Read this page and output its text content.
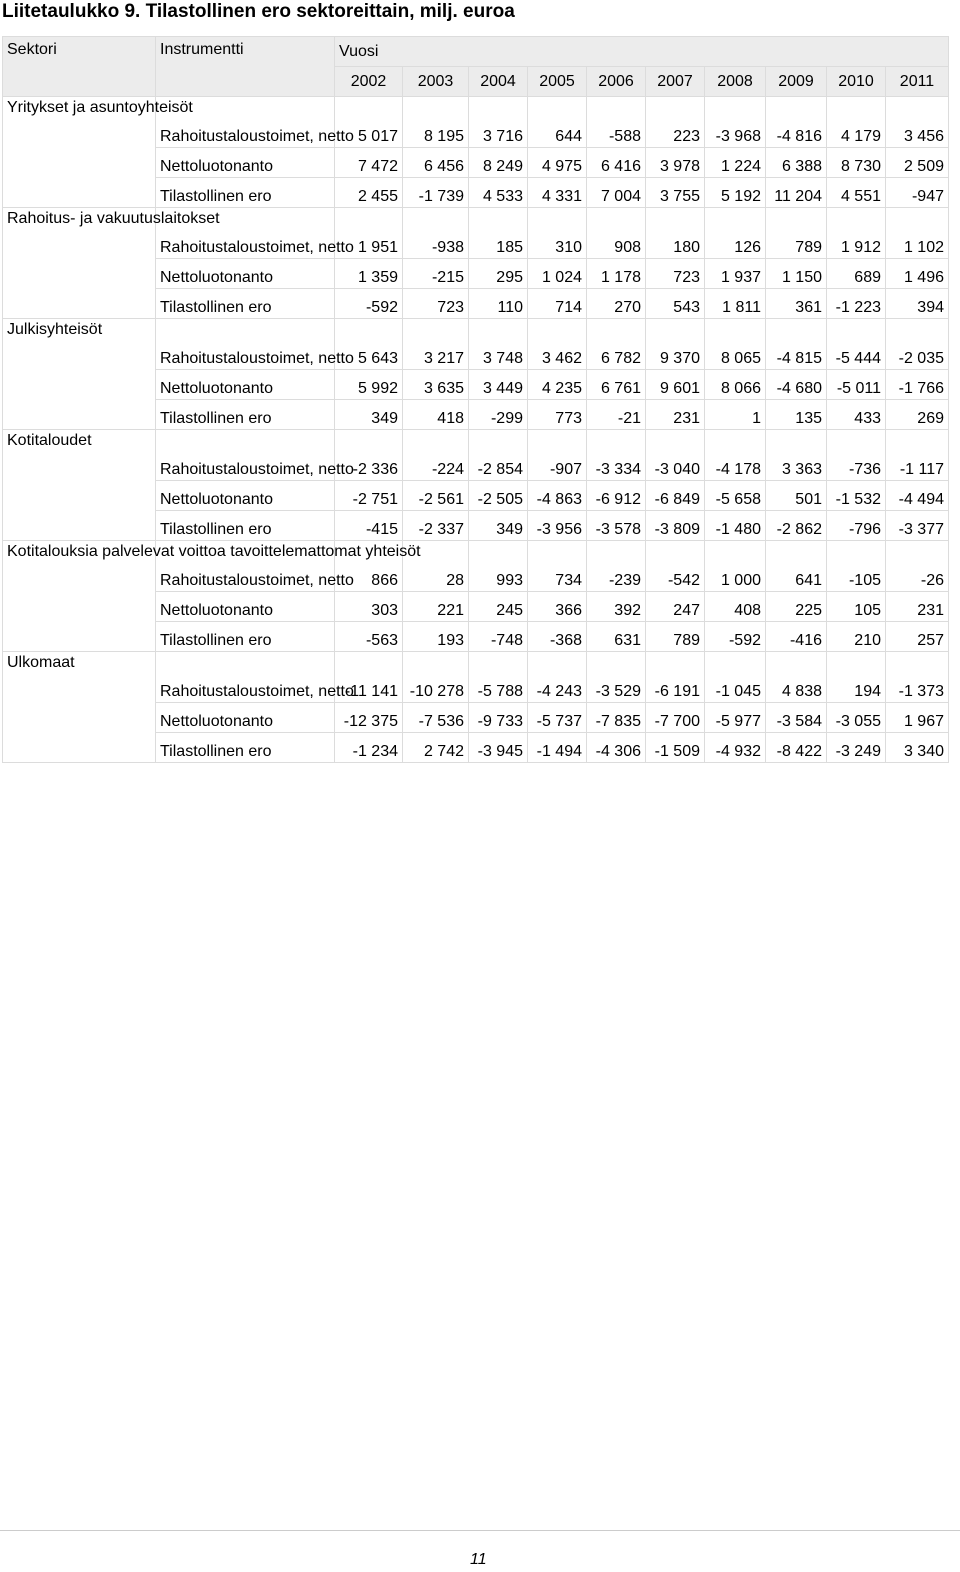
Liitetaulukko 9. Tilastollinen ero sektoreittain, milj. euroa
Sektori	Instrumentti	Vuosi									
		2002	2003	2004	2005	2006	2007	2008	2009	2010	2011
Yritykset ja asuntoyhteisöt	Rahoitustaloustoimet, netto	5 017	8 195	3 716	644	-588	223	-3 968	-4 816	4 179	3 456
	Nettoluotonanto	7 472	6 456	8 249	4 975	6 416	3 978	1 224	6 388	8 730	2 509
	Tilastollinen ero	2 455	-1 739	4 533	4 331	7 004	3 755	5 192	11 204	4 551	-947
Rahoitus- ja vakuutuslaitokset	Rahoitustaloustoimet, netto	1 951	-938	185	310	908	180	126	789	1 912	1 102
	Nettoluotonanto	1 359	-215	295	1 024	1 178	723	1 937	1 150	689	1 496
	Tilastollinen ero	-592	723	110	714	270	543	1 811	361	-1 223	394
Julkisyhteisöt	Rahoitustaloustoimet, netto	5 643	3 217	3 748	3 462	6 782	9 370	8 065	-4 815	-5 444	-2 035
	Nettoluotonanto	5 992	3 635	3 449	4 235	6 761	9 601	8 066	-4 680	-5 011	-1 766
	Tilastollinen ero	349	418	-299	773	-21	231	1	135	433	269
Kotitaloudet	Rahoitustaloustoimet, netto	-2 336	-224	-2 854	-907	-3 334	-3 040	-4 178	3 363	-736	-1 117
	Nettoluotonanto	-2 751	-2 561	-2 505	-4 863	-6 912	-6 849	-5 658	501	-1 532	-4 494
	Tilastollinen ero	-415	-2 337	349	-3 956	-3 578	-3 809	-1 480	-2 862	-796	-3 377
Kotitalouksia palvelevat voittoa tavoittelemattomat yhteisöt	Rahoitustaloustoimet, netto	866	28	993	734	-239	-542	1 000	641	-105	-26
	Nettoluotonanto	303	221	245	366	392	247	408	225	105	231
	Tilastollinen ero	-563	193	-748	-368	631	789	-592	-416	210	257
Ulkomaat	Rahoitustaloustoimet, netto	-11 141	-10 278	-5 788	-4 243	-3 529	-6 191	-1 045	4 838	194	-1 373
	Nettoluotonanto	-12 375	-7 536	-9 733	-5 737	-7 835	-7 700	-5 977	-3 584	-3 055	1 967
	Tilastollinen ero	-1 234	2 742	-3 945	-1 494	-4 306	-1 509	-4 932	-8 422	-3 249	3 340
11
